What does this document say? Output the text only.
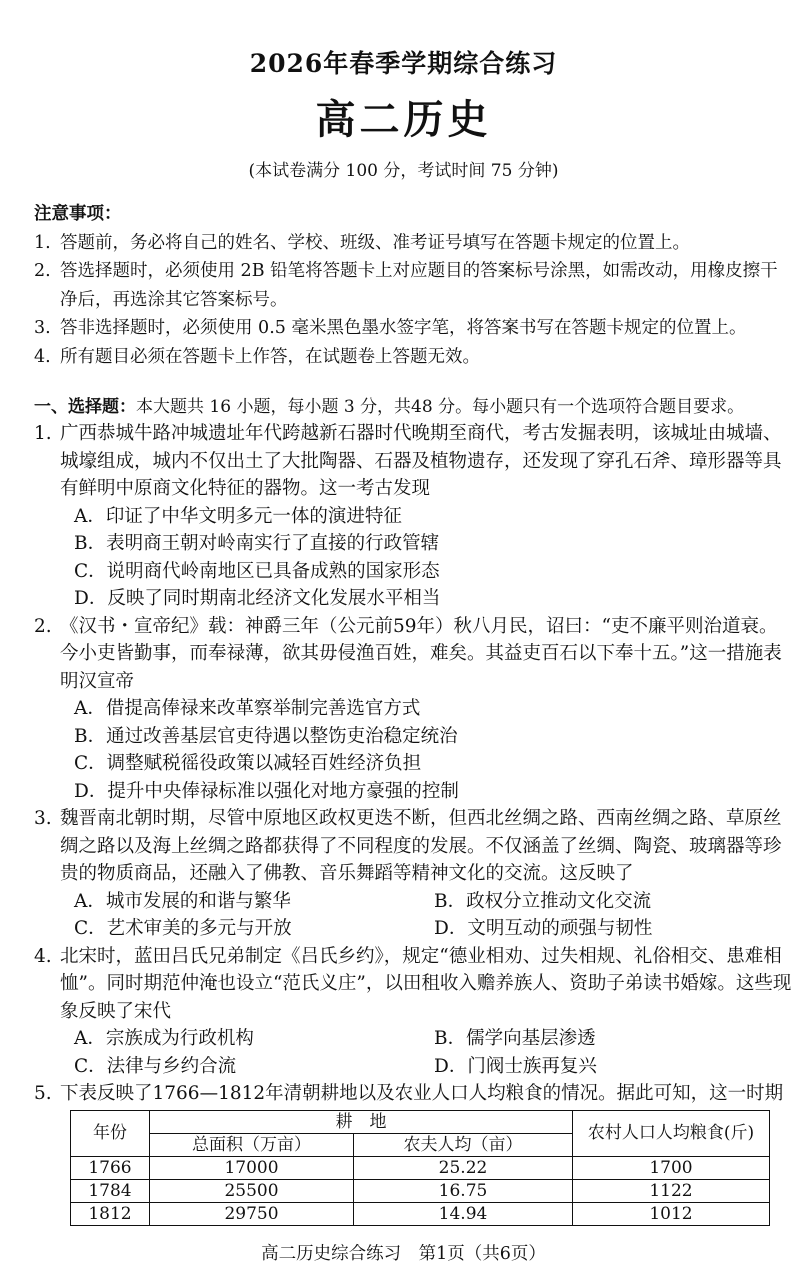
2026年春季学期综合练习
高二历史
(本试卷满分 100 分，考试时间 75 分钟)
注意事项：
1. 答题前，务必将自己的姓名、学校、班级、准考证号填写在答题卡规定的位置上。
2. 答选择题时，必须使用 2B 铅笔将答题卡上对应题目的答案标号涂黑，如需改动，用橡皮擦干净后，再选涂其它答案标号。
3. 答非选择题时，必须使用 0.5 毫米黑色墨水签字笔，将答案书写在答题卡规定的位置上。
4. 所有题目必须在答题卡上作答，在试题卷上答题无效。
一、选择题：本大题共 16 小题，每小题 3 分，共48 分。每小题只有一个选项符合题目要求。
1. 广西恭城牛路冲城遗址年代跨越新石器时代晚期至商代，考古发掘表明，该城址由城墙、城壕组成，城内不仅出土了大批陶器、石器及植物遗存，还发现了穿孔石斧、璋形器等具有鲜明中原商文化特征的器物。这一考古发现
A．印证了中华文明多元一体的演进特征
B．表明商王朝对岭南实行了直接的行政管辖
C．说明商代岭南地区已具备成熟的国家形态
D．反映了同时期南北经济文化发展水平相当
2. 《汉书・宣帝纪》载：神爵三年（公元前59年）秋八月民，诏曰：“吏不廉平则治道衰。今小吏皆勤事，而奉禄薄，欲其毋侵渔百姓，难矣。其益吏百石以下奉十五。”这一措施表明汉宣帝
A．借提高俸禄来改革察举制完善选官方式
B．通过改善基层官吏待遇以整饬吏治稳定统治
C．调整赋税徭役政策以减轻百姓经济负担
D．提升中央俸禄标准以强化对地方豪强的控制
3. 魏晋南北朝时期，尽管中原地区政权更迭不断，但西北丝绸之路、西南丝绸之路、草原丝绸之路以及海上丝绸之路都获得了不同程度的发展。不仅涵盖了丝绸、陶瓷、玻璃器等珍贵的物质商品，还融入了佛教、音乐舞蹈等精神文化的交流。这反映了
A．城市发展的和谐与繁华	B．政权分立推动文化交流
C．艺术审美的多元与开放	D．文明互动的顽强与韧性
4. 北宋时，蓝田吕氏兄弟制定《吕氏乡约》，规定“德业相劝、过失相规、礼俗相交、患难相恤”。同时期范仲淹也设立“范氏义庄”，以田租收入赡养族人、资助子弟读书婚嫁。这些现象反映了宋代
A．宗族成为行政机构	B．儒学向基层渗透
C．法律与乡约合流	D．门阀士族再复兴
5. 下表反映了1766—1812年清朝耕地以及农业人口人均粮食的情况。据此可知，这一时期
年份	耕　地		农村人口人均粮食(斤)
	总面积（万亩）	农夫人均（亩）	
1766	17000	25.22	1700
1784	25500	16.75	1122
1812	29750	14.94	1012
高二历史综合练习　第1页（共6页）
